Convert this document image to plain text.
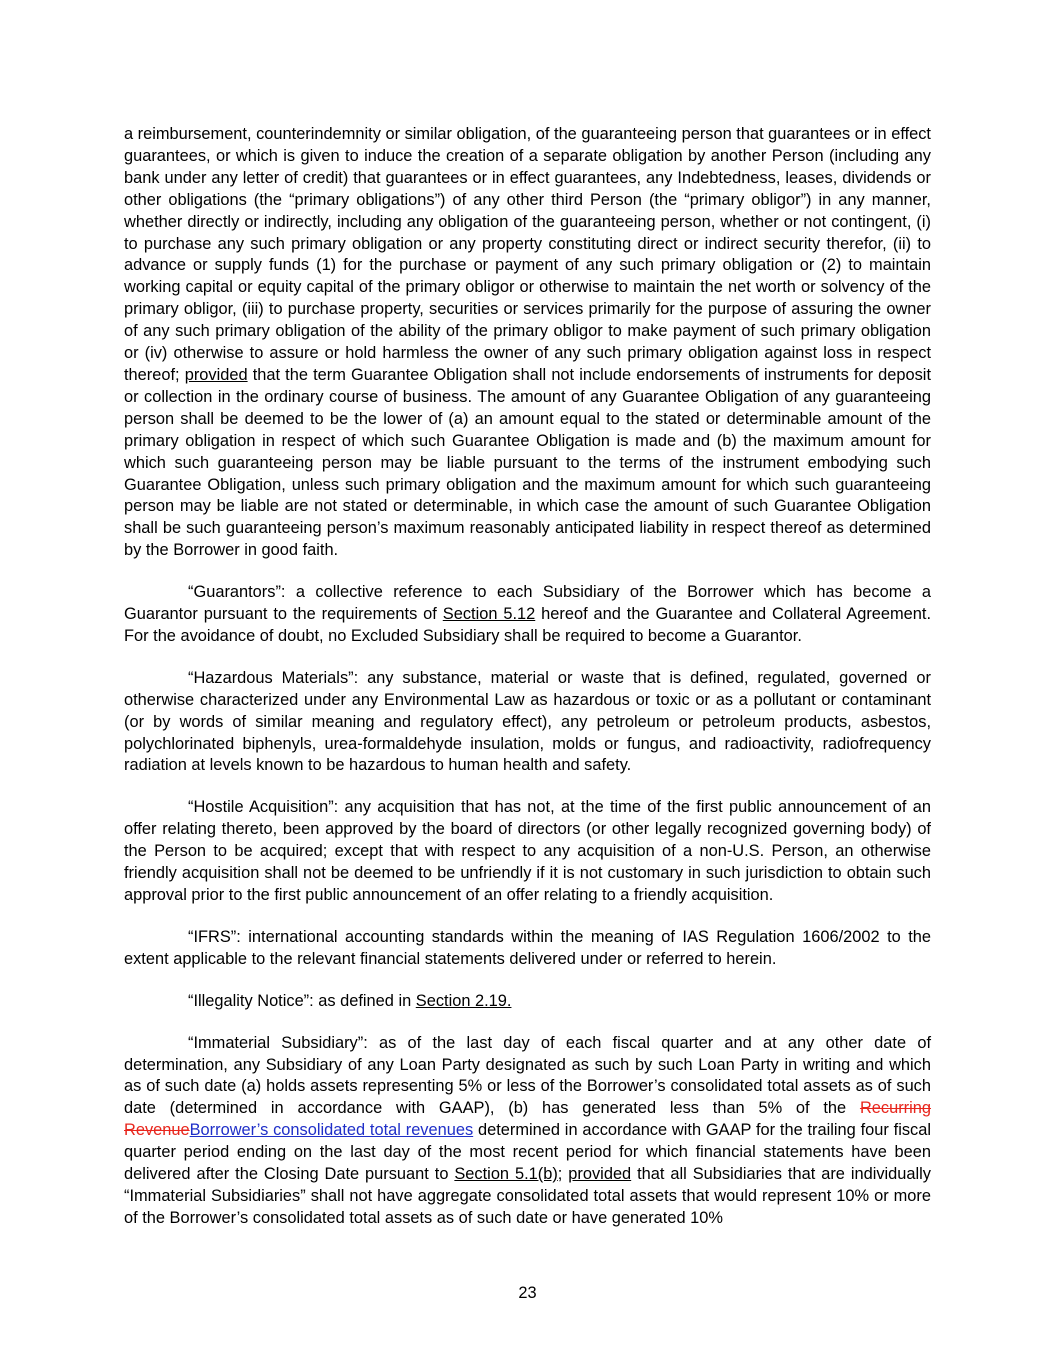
a reimbursement, counterindemnity or similar obligation, of the guaranteeing person that guarantees or in effect guarantees, or which is given to induce the creation of a separate obligation by another Person (including any bank under any letter of credit) that guarantees or in effect guarantees, any Indebtedness, leases, dividends or other obligations (the “primary obligations”) of any other third Person (the “primary obligor”) in any manner, whether directly or indirectly, including any obligation of the guaranteeing person, whether or not contingent, (i) to purchase any such primary obligation or any property constituting direct or indirect security therefor, (ii) to advance or supply funds (1) for the purchase or payment of any such primary obligation or (2) to maintain working capital or equity capital of the primary obligor or otherwise to maintain the net worth or solvency of the primary obligor, (iii) to purchase property, securities or services primarily for the purpose of assuring the owner of any such primary obligation of the ability of the primary obligor to make payment of such primary obligation or (iv) otherwise to assure or hold harmless the owner of any such primary obligation against loss in respect thereof; provided that the term Guarantee Obligation shall not include endorsements of instruments for deposit or collection in the ordinary course of business. The amount of any Guarantee Obligation of any guaranteeing person shall be deemed to be the lower of (a) an amount equal to the stated or determinable amount of the primary obligation in respect of which such Guarantee Obligation is made and (b) the maximum amount for which such guaranteeing person may be liable pursuant to the terms of the instrument embodying such Guarantee Obligation, unless such primary obligation and the maximum amount for which such guaranteeing person may be liable are not stated or determinable, in which case the amount of such Guarantee Obligation shall be such guaranteeing person’s maximum reasonably anticipated liability in respect thereof as determined by the Borrower in good faith.

“Guarantors”: a collective reference to each Subsidiary of the Borrower which has become a Guarantor pursuant to the requirements of Section 5.12 hereof and the Guarantee and Collateral Agreement. For the avoidance of doubt, no Excluded Subsidiary shall be required to become a Guarantor.

“Hazardous Materials”: any substance, material or waste that is defined, regulated, governed or otherwise characterized under any Environmental Law as hazardous or toxic or as a pollutant or contaminant (or by words of similar meaning and regulatory effect), any petroleum or petroleum products, asbestos, polychlorinated biphenyls, urea-formaldehyde insulation, molds or fungus, and radioactivity, radiofrequency radiation at levels known to be hazardous to human health and safety.

“Hostile Acquisition”: any acquisition that has not, at the time of the first public announcement of an offer relating thereto, been approved by the board of directors (or other legally recognized governing body) of the Person to be acquired; except that with respect to any acquisition of a non-U.S. Person, an otherwise friendly acquisition shall not be deemed to be unfriendly if it is not customary in such jurisdiction to obtain such approval prior to the first public announcement of an offer relating to a friendly acquisition.

“IFRS”: international accounting standards within the meaning of IAS Regulation 1606/2002 to the extent applicable to the relevant financial statements delivered under or referred to herein.

“Illegality Notice”: as defined in Section 2.19.

“Immaterial Subsidiary”: as of the last day of each fiscal quarter and at any other date of determination, any Subsidiary of any Loan Party designated as such by such Loan Party in writing and which as of such date (a) holds assets representing 5% or less of the Borrower’s consolidated total assets as of such date (determined in accordance with GAAP), (b) has generated less than 5% of the Recurring RevenueBorrower’s consolidated total revenues determined in accordance with GAAP for the trailing four fiscal quarter period ending on the last day of the most recent period for which financial statements have been delivered after the Closing Date pursuant to Section 5.1(b); provided that all Subsidiaries that are individually “Immaterial Subsidiaries” shall not have aggregate consolidated total assets that would represent 10% or more of the Borrower’s consolidated total assets as of such date or have generated 10%

23
